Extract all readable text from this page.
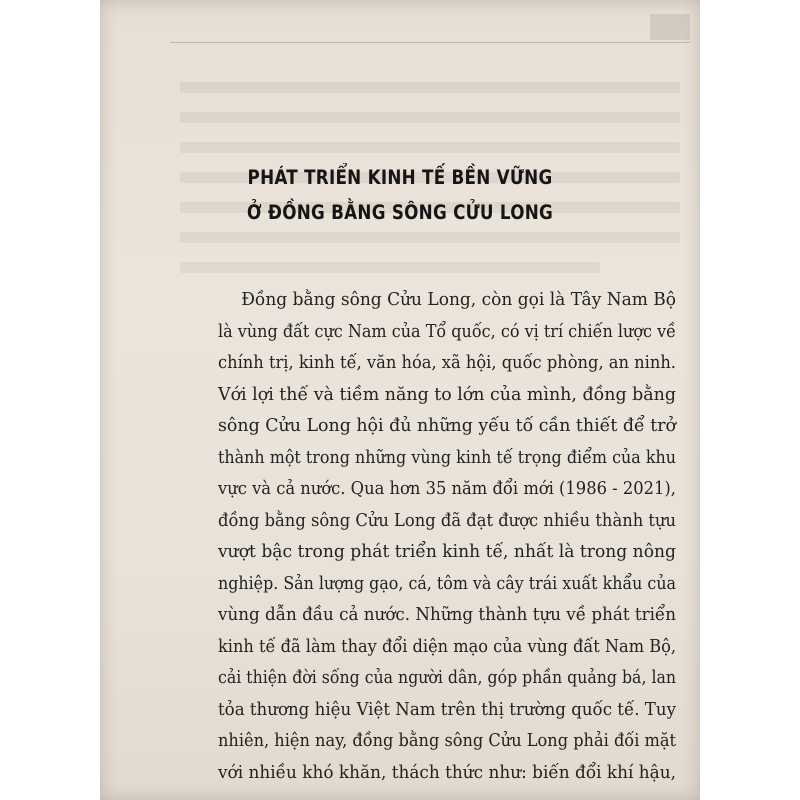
PHÁT TRIỂN KINH TẾ BỀN VỮNG
Ở ĐỒNG BẰNG SÔNG CỬU LONG
Đồng bằng sông Cửu Long, còn gọi là Tây Nam Bộ
là vùng đất cực Nam của Tổ quốc, có vị trí chiến lược về
chính trị, kinh tế, văn hóa, xã hội, quốc phòng, an ninh.
Với lợi thế và tiềm năng to lớn của mình, đồng bằng
sông Cửu Long hội đủ những yếu tố cần thiết để trở
thành một trong những vùng kinh tế trọng điểm của khu
vực và cả nước. Qua hơn 35 năm đổi mới (1986 - 2021),
đồng bằng sông Cửu Long đã đạt được nhiều thành tựu
vượt bậc trong phát triển kinh tế, nhất là trong nông
nghiệp. Sản lượng gạo, cá, tôm và cây trái xuất khẩu của
vùng dẫn đầu cả nước. Những thành tựu về phát triển
kinh tế đã làm thay đổi diện mạo của vùng đất Nam Bộ,
cải thiện đời sống của người dân, góp phần quảng bá, lan
tỏa thương hiệu Việt Nam trên thị trường quốc tế. Tuy
nhiên, hiện nay, đồng bằng sông Cửu Long phải đối mặt
với nhiều khó khăn, thách thức như: biến đổi khí hậu,
